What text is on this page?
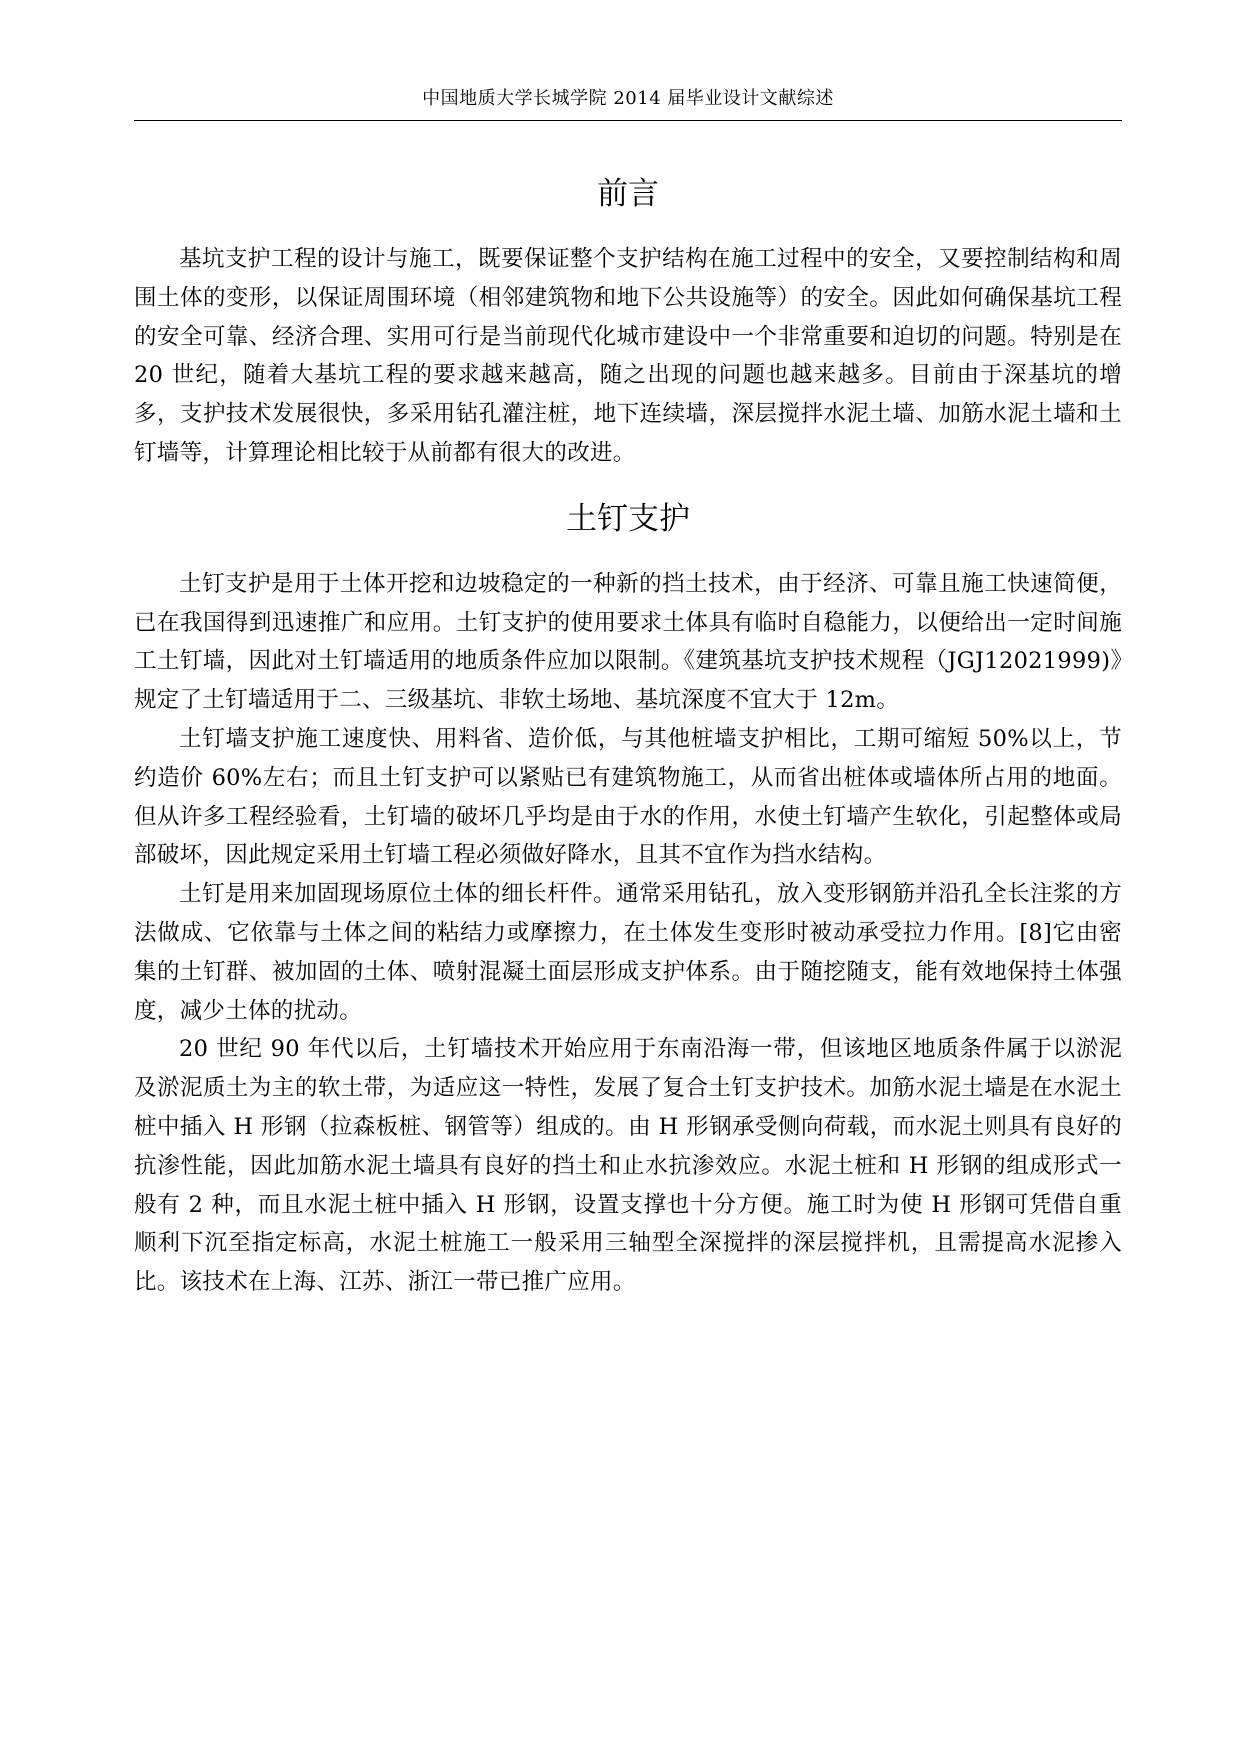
中国地质大学长城学院 2014 届毕业设计文献综述
前言

基坑支护工程的设计与施工，既要保证整个支护结构在施工过程中的安全，又要控制结构和周围土体的变形，以保证周围环境（相邻建筑物和地下公共设施等）的安全。因此如何确保基坑工程的安全可靠、经济合理、实用可行是当前现代化城市建设中一个非常重要和迫切的问题。特别是在 20 世纪，随着大基坑工程的要求越来越高，随之出现的问题也越来越多。目前由于深基坑的增多，支护技术发展很快，多采用钻孔灌注桩，地下连续墙，深层搅拌水泥土墙、加筋水泥土墙和土钉墙等，计算理论相比较于从前都有很大的改进。

土钉支护

土钉支护是用于土体开挖和边坡稳定的一种新的挡土技术，由于经济、可靠且施工快速简便，已在我国得到迅速推广和应用。土钉支护的使用要求土体具有临时自稳能力，以便给出一定时间施工土钉墙，因此对土钉墙适用的地质条件应加以限制。《建筑基坑支护技术规程（JGJ12021999)》规定了土钉墙适用于二、三级基坑、非软土场地、基坑深度不宜大于 12m。

土钉墙支护施工速度快、用料省、造价低，与其他桩墙支护相比，工期可缩短 50%以上，节约造价 60%左右；而且土钉支护可以紧贴已有建筑物施工，从而省出桩体或墙体所占用的地面。但从许多工程经验看，土钉墙的破坏几乎均是由于水的作用，水使土钉墙产生软化，引起整体或局部破坏，因此规定采用土钉墙工程必须做好降水，且其不宜作为挡水结构。

土钉是用来加固现场原位土体的细长杆件。通常采用钻孔，放入变形钢筋并沿孔全长注浆的方法做成、它依靠与土体之间的粘结力或摩擦力，在土体发生变形时被动承受拉力作用。[8]它由密集的土钉群、被加固的土体、喷射混凝土面层形成支护体系。由于随挖随支，能有效地保持土体强度，减少土体的扰动。

20 世纪 90 年代以后，土钉墙技术开始应用于东南沿海一带，但该地区地质条件属于以淤泥及淤泥质土为主的软土带，为适应这一特性，发展了复合土钉支护技术。加筋水泥土墙是在水泥土桩中插入 H 形钢（拉森板桩、钢管等）组成的。由 H 形钢承受侧向荷载，而水泥土则具有良好的抗渗性能，因此加筋水泥土墙具有良好的挡土和止水抗渗效应。水泥土桩和 H 形钢的组成形式一般有 2 种，而且水泥土桩中插入 H 形钢，设置支撑也十分方便。施工时为使 H 形钢可凭借自重顺利下沉至指定标高，水泥土桩施工一般采用三轴型全深搅拌的深层搅拌机，且需提高水泥掺入比。该技术在上海、江苏、浙江一带已推广应用。
